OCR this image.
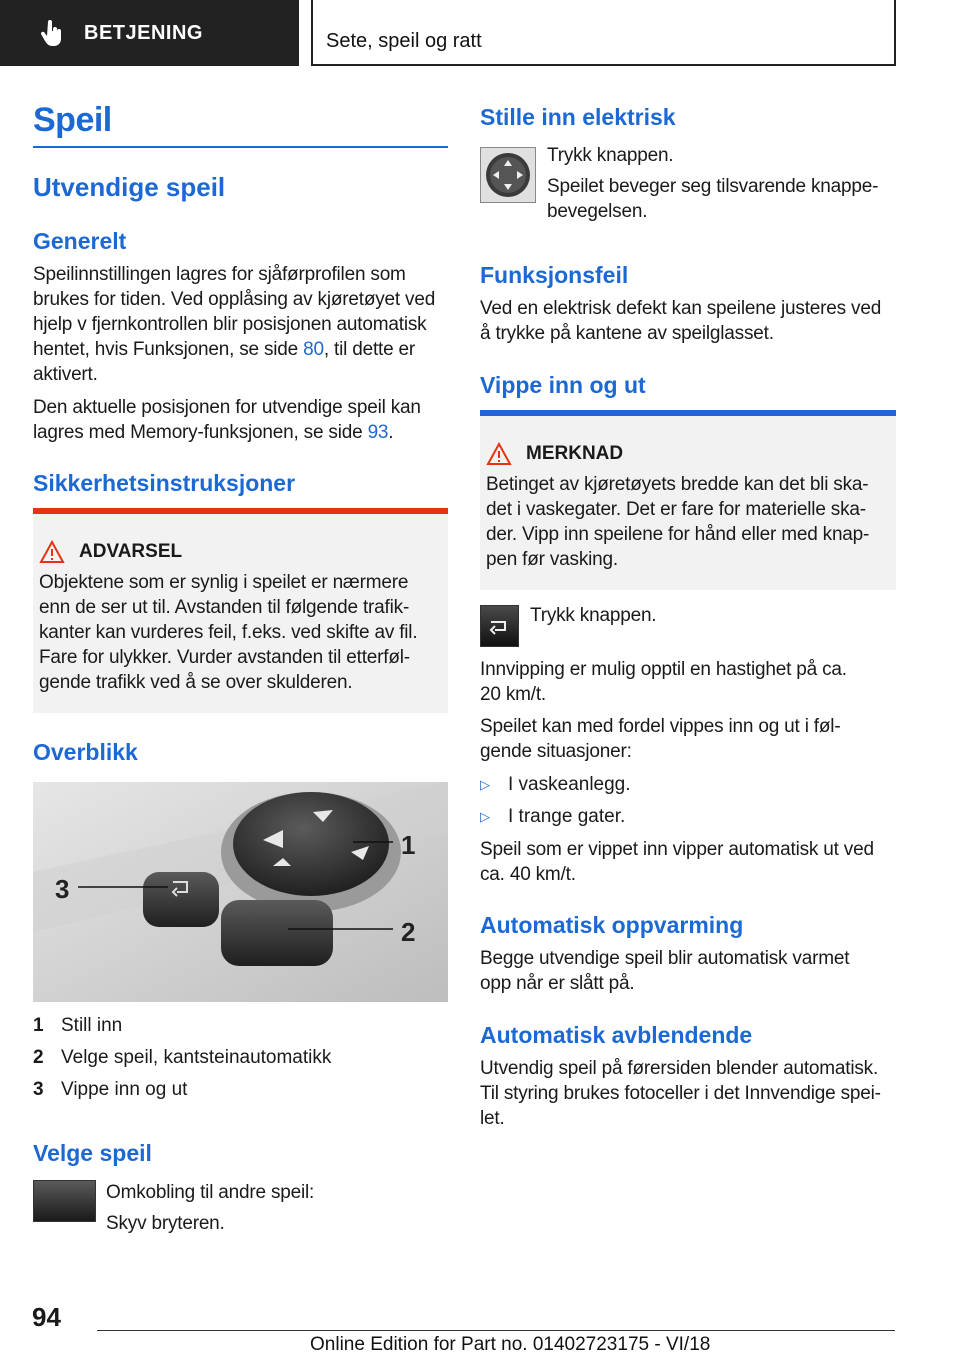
BETJENING	Sete, speil og ratt
Speil
Utvendige speil
Generelt

Speilinnstillingen lagres for sjåførprofilen som brukes for tiden. Ved opplåsing av kjøretøyet ved hjelp v fjernkontrollen blir posisjonen automatisk hentet, hvis Funksjonen, se side 80, til dette er aktivert.

Den aktuelle posisjonen for utvendige speil kan lagres med Memory-funksjonen, se side 93.

Sikkerhetsinstruksjoner
ADVARSEL

Objektene som er synlig i speilet er nærmere enn de ser ut til. Avstanden til følgende trafikkanter kan vurderes feil, f.eks. ved skifte av fil. Fare for ulykker. Vurder avstanden til etterfølgende trafikk ved å se over skulderen.

Overblikk
1
2
3
1 Still inn
2 Velge speil, kantsteinautomatikk
3 Vippe inn og ut
Velge speil

Omkobling til andre speil:

Skyv bryteren.

Stille inn elektrisk

Trykk knappen.

Speilet beveger seg tilsvarende knappebevegelsen.

Funksjonsfeil

Ved en elektrisk defekt kan speilene justeres ved å trykke på kantene av speilglasset.

Vippe inn og ut
MERKNAD

Betinget av kjøretøyets bredde kan det bli skadet i vaskegater. Det er fare for materielle skader. Vipp inn speilene for hånd eller med knappen før vasking.

Trykk knappen.

Innvipping er mulig opptil en hastighet på ca. 20 km/t.

Speilet kan med fordel vippes inn og ut i følgende situasjoner:

▷ I vaskeanlegg.
▷ I trange gater.

Speil som er vippet inn vipper automatisk ut ved ca. 40 km/t.

Automatisk oppvarming

Begge utvendige speil blir automatisk varmet opp når er slått på.

Automatisk avblendende

Utvendig speil på førersiden blender automatisk. Til styring brukes fotoceller i det Innvendige speilet.

94
Online Edition for Part no. 01402723175 - VI/18
